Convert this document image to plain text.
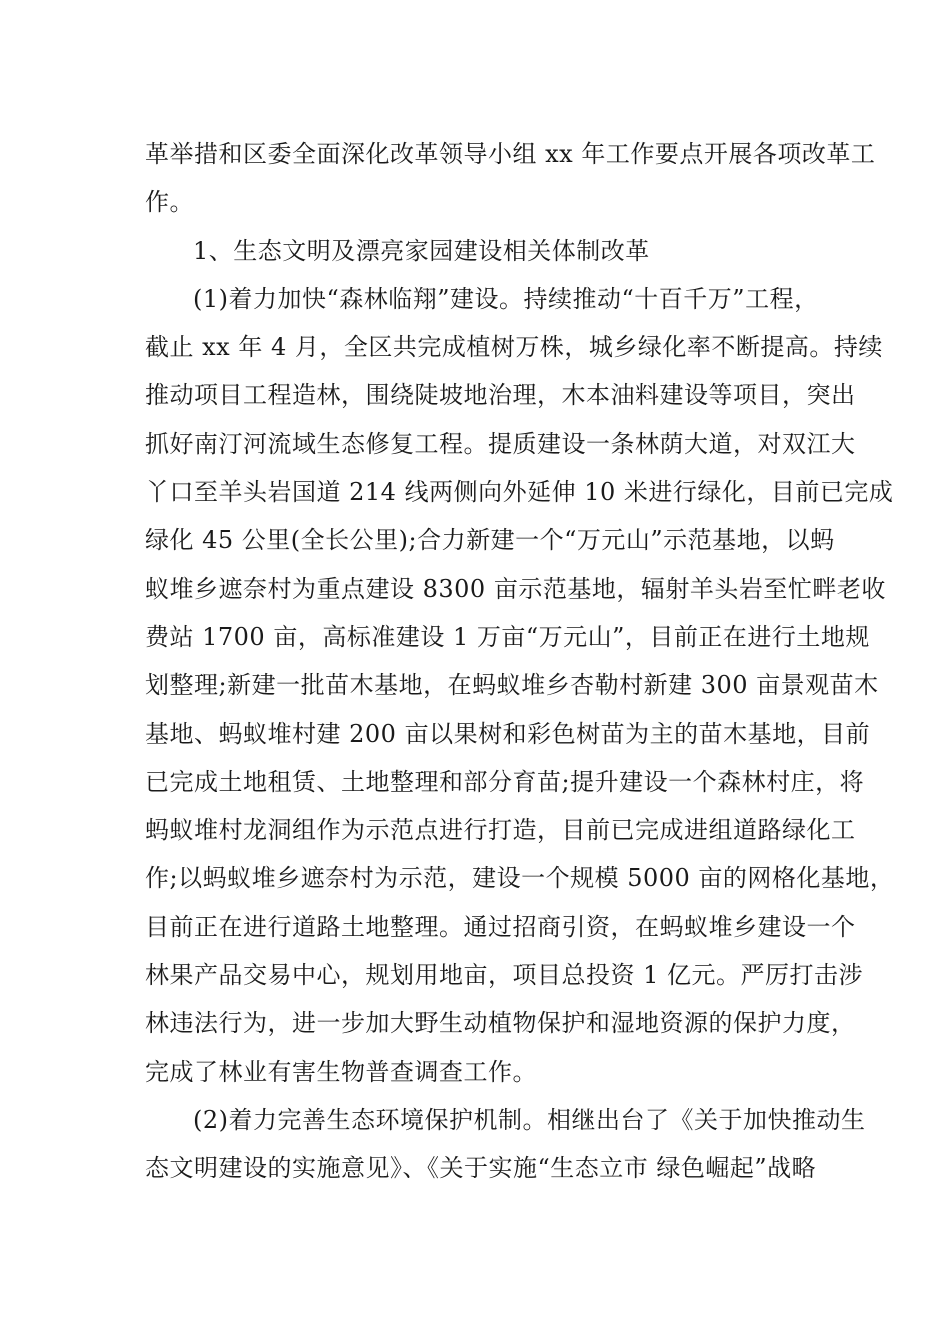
革举措和区委全面深化改革领导小组 xx 年工作要点开展各项改革工
作。
1、生态文明及漂亮家园建设相关体制改革
(1)着力加快“森林临翔”建设。持续推动“十百千万”工程，
截止 xx 年 4 月，全区共完成植树万株，城乡绿化率不断提高。持续
推动项目工程造林，围绕陡坡地治理，木本油料建设等项目，突出
抓好南汀河流域生态修复工程。提质建设一条林荫大道，对双江大
丫口至羊头岩国道 214 线两侧向外延伸 10 米进行绿化，目前已完成
绿化 45 公里(全长公里);合力新建一个“万元山”示范基地，以蚂
蚁堆乡遮奈村为重点建设 8300 亩示范基地，辐射羊头岩至忙畔老收
费站 1700 亩，高标准建设 1 万亩“万元山”，目前正在进行土地规
划整理;新建一批苗木基地，在蚂蚁堆乡杏勒村新建 300 亩景观苗木
基地、蚂蚁堆村建 200 亩以果树和彩色树苗为主的苗木基地，目前
已完成土地租赁、土地整理和部分育苗;提升建设一个森林村庄，将
蚂蚁堆村龙洞组作为示范点进行打造，目前已完成进组道路绿化工
作;以蚂蚁堆乡遮奈村为示范，建设一个规模 5000 亩的网格化基地，
目前正在进行道路土地整理。通过招商引资，在蚂蚁堆乡建设一个
林果产品交易中心，规划用地亩，项目总投资 1 亿元。严厉打击涉
林违法行为，进一步加大野生动植物保护和湿地资源的保护力度，
完成了林业有害生物普查调查工作。
(2)着力完善生态环境保护机制。相继出台了《关于加快推动生
态文明建设的实施意见》、《关于实施“生态立市 绿色崛起”战略
